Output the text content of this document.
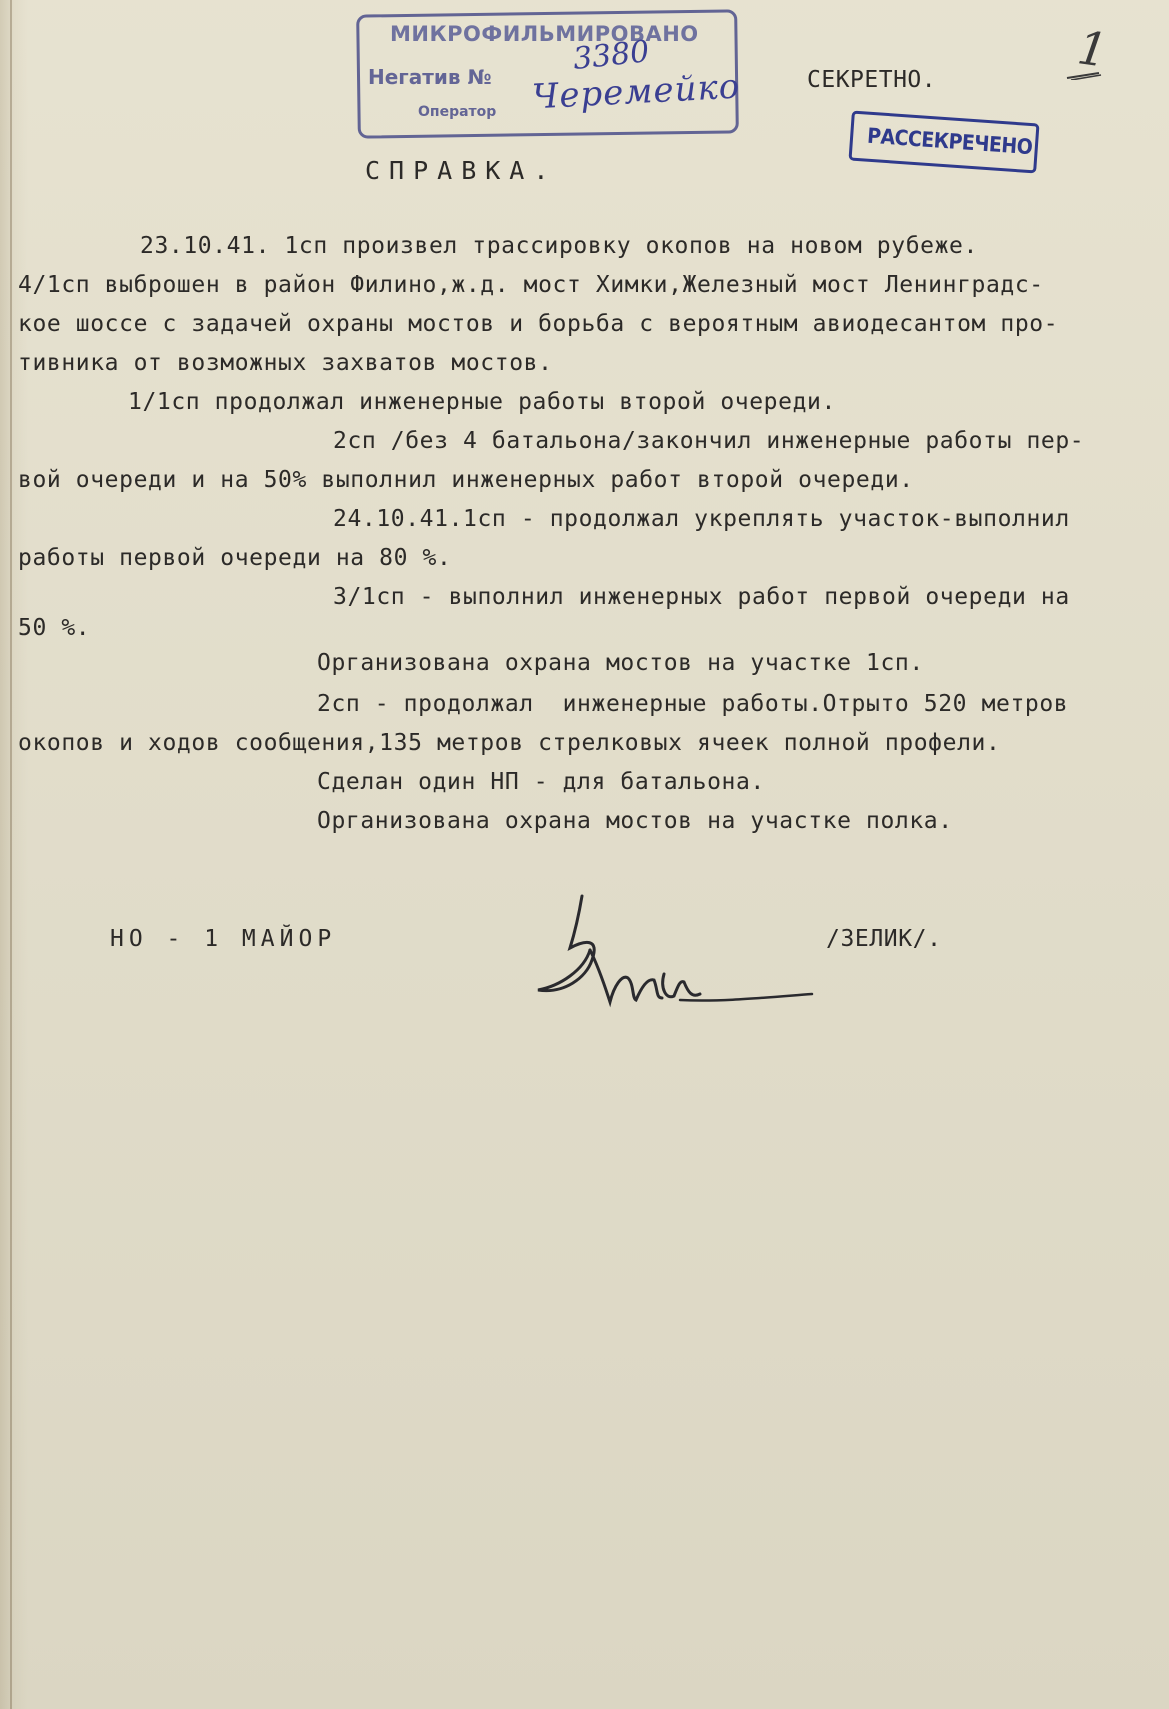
МИКРОФИЛЬМИРОВАНО
Негатив №
3380
Оператор Черемейко	СЕКРЕТНО.
РАССЕКРЕЧЕНО
1
СПРАВКА.
23.10.41. 1сп произвел трассировку окопов на новом рубеже.
4/1сп выброшен в район Филино,ж.д. мост Химки,Железный мост Ленинградс-
кое шоссе с задачей охраны мостов и борьба с вероятным авиодесантом про-
тивника от возможных захватов мостов.
1/1сп продолжал инженерные работы второй очереди.
2сп /без 4 батальона/закончил инженерные работы пер-
вой очереди и на 50% выполнил инженерных работ второй очереди.
24.10.41.1сп - продолжал укреплять участок-выполнил
работы первой очереди на 80 %.
3/1сп - выполнил инженерных работ первой очереди на
50 %.
Организована охрана мостов на участке 1сп.
2сп - продолжал  инженерные работы.Отрыто 520 метров
окопов и ходов сообщения,135 метров стрелковых ячеек полной профели.
Сделан один НП - для батальона.
Организована охрана мостов на участке полка.
НО - 1 МАЙОР	/ЗЕЛИК/.
